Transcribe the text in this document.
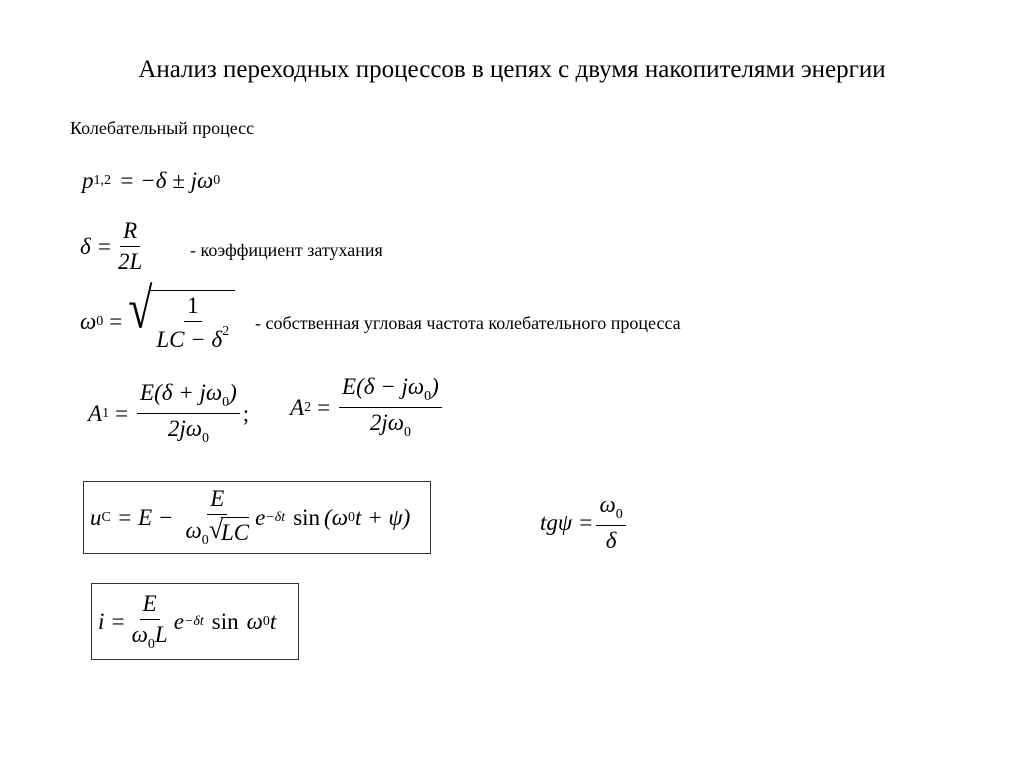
Анализ переходных процессов в цепях с двумя накопителями энергии
Колебательный процесс
p 1,2 = −δ ± jω 0
$\delta = \frac{R}{2L}$ - коэффициент затухания
ω 0 = √ $\frac{1}{LC - \delta^2}$ - собственная угловая частота колебательного процесса
A $1 = \frac{E(\delta + j\omega_0)}{2j\omega_0}$ ; A $2 = \frac{E(\delta - j\omega_0)}{2j\omega_0}$
u C = E − E
$\omega_0$ √
LC e −δt sin (ω 0 t + ψ)	$tg\psi = \frac{\omega_0}{\delta}$
$i = \frac{E}{\omega_0L}$ e −δt sin ω 0 t
